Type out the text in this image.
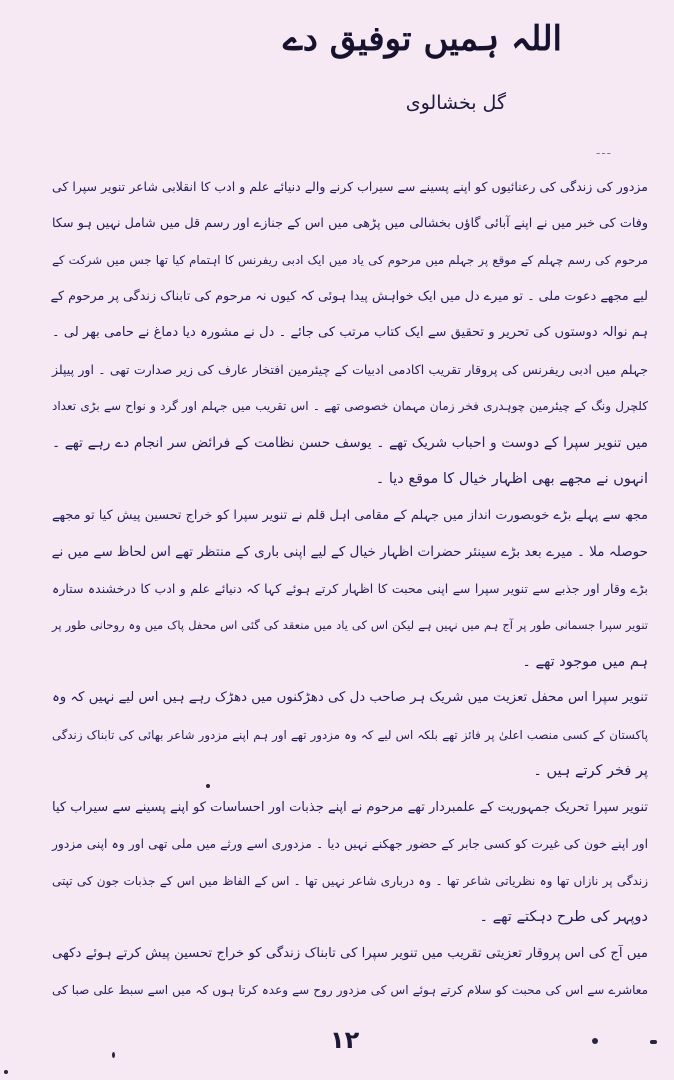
اللہ ہمیں توفیق دے
گل بخشالوی
---
مزدور کی زندگی کی رعنائیوں کو اپنے پسینے سے سیراب کرنے والے دنیائے علم و ادب کا انقلابی شاعر تنویر سپرا کی
وفات کی خبر میں نے اپنے آبائی گاؤں بخشالی میں پڑھی میں اس کے جنازے اور رسم قل میں شامل نہیں ہو سکا
مرحوم کی رسم چہلم کے موقع پر جہلم میں مرحوم کی یاد میں ایک ادبی ریفرنس کا اہتمام کیا تھا جس میں شرکت کے
لیے مجھے دعوت ملی ۔ تو میرے دل میں ایک خواہش پیدا ہوئی کہ کیوں نہ مرحوم کی تابناک زندگی پر مرحوم کے
ہم نوالہ دوستوں کی تحریر و تحقیق سے ایک کتاب مرتب کی جائے ۔ دل نے مشورہ دیا دماغ نے حامی بھر لی ۔
جہلم میں ادبی ریفرنس کی پروقار تقریب اکادمی ادبیات کے چیئرمین افتخار عارف کی زیر صدارت تھی ۔ اور پیپلز
کلچرل ونگ کے چیئرمین چوہدری فخر زمان مہمان خصوصی تھے ۔ اس تقریب میں جہلم اور گرد و نواح سے بڑی تعداد
میں تنویر سپرا کے دوست و احباب شریک تھے ۔ یوسف حسن نظامت کے فرائض سر انجام دے رہے تھے ۔
انہوں نے مجھے بھی اظہار خیال کا موقع دیا ۔
مجھ سے پہلے بڑے خوبصورت انداز میں جہلم کے مقامی اہل قلم نے تنویر سپرا کو خراج تحسین پیش کیا تو مجھے
حوصلہ ملا ۔ میرے بعد بڑے سینئر حضرات اظہار خیال کے لیے اپنی باری کے منتظر تھے اس لحاظ سے میں نے
بڑے وقار اور جذبے سے تنویر سپرا سے اپنی محبت کا اظہار کرتے ہوئے کہا کہ دنیائے علم و ادب کا درخشندہ ستارہ
تنویر سپرا جسمانی طور پر آج ہم میں نہیں ہے لیکن اس کی یاد میں منعقد کی گئی اس محفل پاک میں وہ روحانی طور پر
ہم میں موجود تھے ۔
تنویر سپرا اس محفل تعزیت میں شریک ہر صاحب دل کی دھڑکنوں میں دھڑک رہے ہیں اس لیے نہیں کہ وہ
پاکستان کے کسی منصب اعلیٰ پر فائز تھے بلکہ اس لیے کہ وہ مزدور تھے اور ہم اپنے مزدور شاعر بھائی کی تابناک زندگی
پر فخر کرتے ہیں ۔
تنویر سپرا تحریک جمہوریت کے علمبردار تھے مرحوم نے اپنے جذبات اور احساسات کو اپنے پسینے سے سیراب کیا
اور اپنے خون کی غیرت کو کسی جابر کے حضور جھکنے نہیں دیا ۔ مزدوری اسے ورثے میں ملی تھی اور وہ اپنی مزدور
زندگی پر نازاں تھا وہ نظریاتی شاعر تھا ۔ وہ درباری شاعر نہیں تھا ۔ اس کے الفاظ میں اس کے جذبات جون کی تپتی
دوپہر کی طرح دہکتے تھے ۔
میں آج کی اس پروقار تعزیتی تقریب میں تنویر سپرا کی تابناک زندگی کو خراج تحسین پیش کرتے ہوئے دکھی
معاشرے سے اس کی محبت کو سلام کرتے ہوئے اس کی مزدور روح سے وعدہ کرتا ہوں کہ میں اسے سبط علی صبا کی
۱۲
